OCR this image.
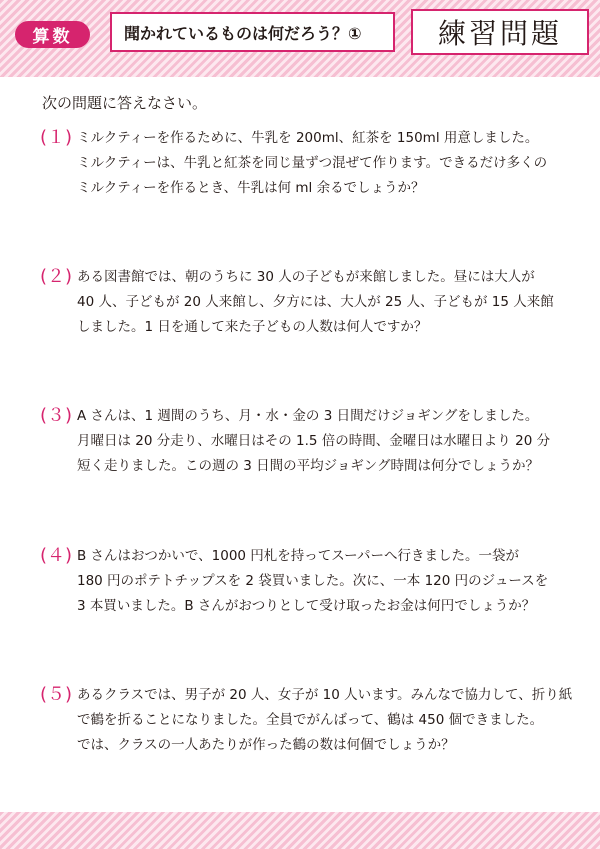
算数	聞かれているものは何だろう？①	練習問題
次の問題に答えなさい。
(１) ミルクティーを作るために、牛乳を 200ml、紅茶を 150ml 用意しました。
ミルクティーは、牛乳と紅茶を同じ量ずつ混ぜて作ります。できるだけ多くの
ミルクティーを作るとき、牛乳は何 ml 余るでしょうか？
(２) ある図書館では、朝のうちに 30 人の子どもが来館しました。昼には大人が
40 人、子どもが 20 人来館し、夕方には、大人が 25 人、子どもが 15 人来館
しました。1 日を通して来た子どもの人数は何人ですか？
(３) A さんは、1 週間のうち、月・水・金の 3 日間だけジョギングをしました。
月曜日は 20 分走り、水曜日はその 1.5 倍の時間、金曜日は水曜日より 20 分
短く走りました。この週の 3 日間の平均ジョギング時間は何分でしょうか？
(４) B さんはおつかいで、1000 円札を持ってスーパーへ行きました。一袋が
180 円のポテトチップスを 2 袋買いました。次に、一本 120 円のジュースを
3 本買いました。B さんがおつりとして受け取ったお金は何円でしょうか？
(５) あるクラスでは、男子が 20 人、女子が 10 人います。みんなで協力して、折り紙
で鶴を折ることになりました。全員でがんばって、鶴は 450 個できました。
では、クラスの一人あたりが作った鶴の数は何個でしょうか？
